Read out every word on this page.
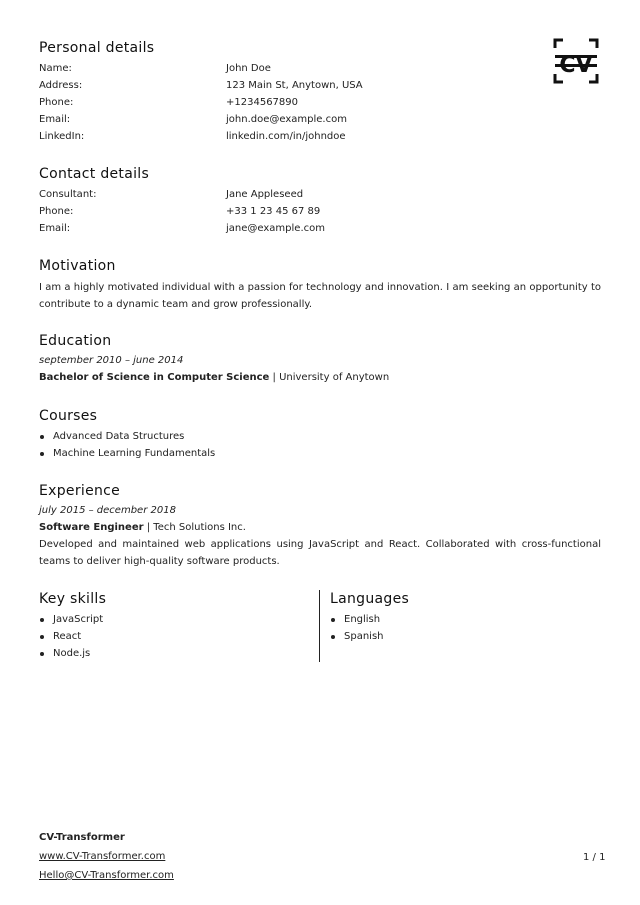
CV
Personal details
Name:	John Doe
Address:	123 Main St, Anytown, USA
Phone:	+1234567890
Email:	john.doe@example.com
LinkedIn:	linkedin.com/in/johndoe
Contact details
Consultant:	Jane Appleseed
Phone:	+33 1 23 45 67 89
Email:	jane@example.com
Motivation
I am a highly motivated individual with a passion for technology and innovation. I am seeking an opportunity to contribute to a dynamic team and grow professionally.
Education
september 2010 – june 2014
Bachelor of Science in Computer Science | University of Anytown
Courses
Advanced Data Structures
Machine Learning Fundamentals
Experience
july 2015 – december 2018
Software Engineer | Tech Solutions Inc.
Developed and maintained web applications using JavaScript and React. Collaborated with cross-functional teams to deliver high-quality software products.
Key skills
JavaScript
React
Node.js
Languages
English
Spanish
CV-Transformer
www.CV-Transformer.com
Hello@CV-Transformer.com
1 / 1
